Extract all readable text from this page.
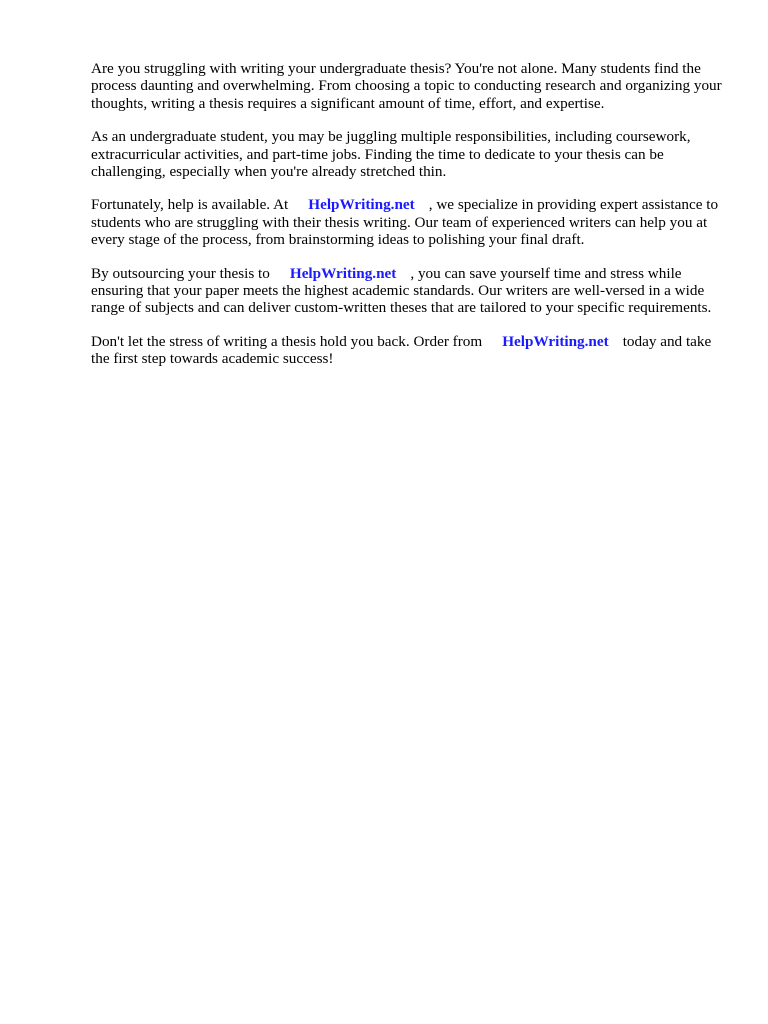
Are you struggling with writing your undergraduate thesis? You're not alone. Many students find the process daunting and overwhelming. From choosing a topic to conducting research and organizing your thoughts, writing a thesis requires a significant amount of time, effort, and expertise.

As an undergraduate student, you may be juggling multiple responsibilities, including coursework, extracurricular activities, and part-time jobs. Finding the time to dedicate to your thesis can be challenging, especially when you're already stretched thin.

Fortunately, help is available. At HelpWriting.net , we specialize in providing expert assistance to students who are struggling with their thesis writing. Our team of experienced writers can help you at every stage of the process, from brainstorming ideas to polishing your final draft.

By outsourcing your thesis to HelpWriting.net , you can save yourself time and stress while ensuring that your paper meets the highest academic standards. Our writers are well-versed in a wide range of subjects and can deliver custom-written theses that are tailored to your specific requirements.

Don't let the stress of writing a thesis hold you back. Order from HelpWriting.net today and take the first step towards academic success!
